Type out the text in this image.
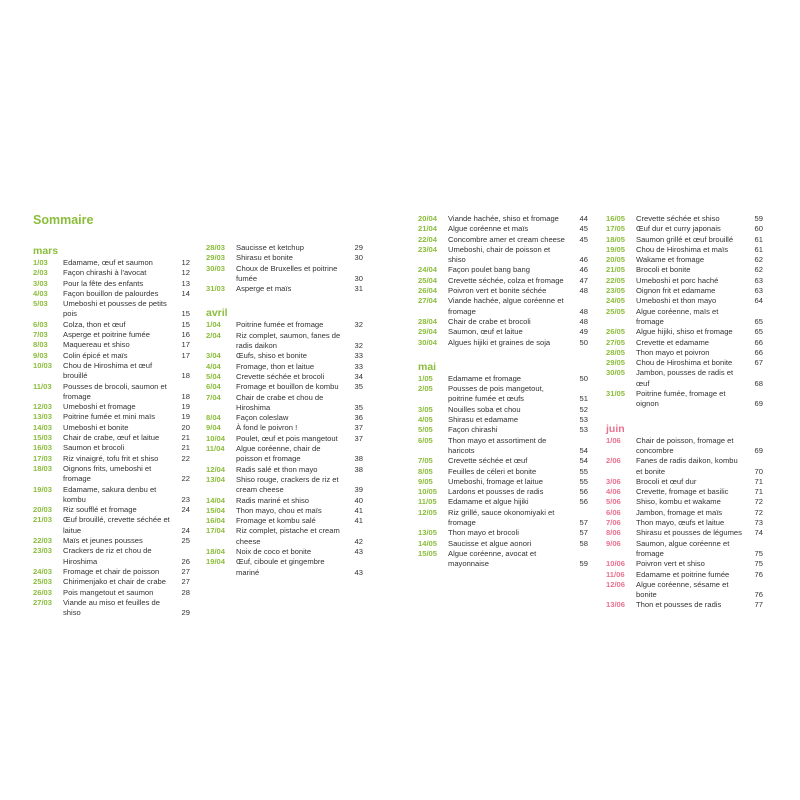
Sommaire
mars
1/03	Edamame, œuf et saumon	12
2/03	Façon chirashi à l'avocat	12
3/03	Pour la fête des enfants	13
4/03	Façon bouillon de palourdes	14
5/03	Umeboshi et pousses de petits pois	15
6/03	Colza, thon et œuf	15
7/03	Asperge et poitrine fumée	16
8/03	Maquereau et shiso	17
9/03	Colin épicé et maïs	17
10/03	Chou de Hiroshima et œuf brouillé	18
11/03	Pousses de brocoli, saumon et fromage	18
12/03	Umeboshi et fromage	19
13/03	Poitrine fumée et mini maïs	19
14/03	Umeboshi et bonite	20
15/03	Chair de crabe, œuf et laitue	21
16/03	Saumon et brocoli	21
17/03	Riz vinaigré, tofu frit et shiso	22
18/03	Oignons frits, umeboshi et fromage	22
19/03	Edamame, sakura denbu et kombu	23
20/03	Riz soufflé et fromage	24
21/03	Œuf brouillé, crevette séchée et laitue	24
22/03	Maïs et jeunes pousses	25
23/03	Crackers de riz et chou de Hiroshima	26
24/03	Fromage et chair de poisson	27
25/03	Chirimenjako et chair de crabe	27
26/03	Pois mangetout et saumon	28
27/03	Viande au miso et feuilles de shiso	29
28/03	Saucisse et ketchup	29
29/03	Shirasu et bonite	30
30/03	Choux de Bruxelles et poitrine fumée	30
31/03	Asperge et maïs	31
avril
1/04	Poitrine fumée et fromage	32
2/04	Riz complet, saumon, fanes de radis daikon	32
3/04	Œufs, shiso et bonite	33
4/04	Fromage, thon et laitue	33
5/04	Crevette séchée et brocoli	34
6/04	Fromage et bouillon de kombu	35
7/04	Chair de crabe et chou de Hiroshima	35
8/04	Façon coleslaw	36
9/04	À fond le poivron !	37
10/04	Poulet, œuf et pois mangetout	37
11/04	Algue coréenne, chair de poisson et fromage	38
12/04	Radis salé et thon mayo	38
13/04	Shiso rouge, crackers de riz et cream cheese	39
14/04	Radis mariné et shiso	40
15/04	Thon mayo, chou et maïs	41
16/04	Fromage et kombu salé	41
17/04	Riz complet, pistache et cream cheese	42
18/04	Noix de coco et bonite	43
19/04	Œuf, ciboule et gingembre mariné	43
20/04	Viande hachée, shiso et fromage	44
21/04	Algue coréenne et maïs	45
22/04	Concombre amer et cream cheese	45
23/04	Umeboshi, chair de poisson et shiso	46
24/04	Façon poulet bang bang	46
25/04	Crevette séchée, colza et fromage	47
26/04	Poivron vert et bonite séchée	48
27/04	Viande hachée, algue coréenne et fromage	48
28/04	Chair de crabe et brocoli	48
29/04	Saumon, œuf et laitue	49
30/04	Algues hijiki et graines de soja	50
mai
1/05	Edamame et fromage	50
2/05	Pousses de pois mangetout, poitrine fumée et œufs	51
3/05	Nouilles soba et chou	52
4/05	Shirasu et edamame	53
5/05	Façon chirashi	53
6/05	Thon mayo et assortiment de haricots	54
7/05	Crevette séchée et œuf	54
8/05	Feuilles de céleri et bonite	55
9/05	Umeboshi, fromage et laitue	55
10/05	Lardons et pousses de radis	56
11/05	Edamame et algue hijiki	56
12/05	Riz grillé, sauce okonomiyaki et fromage	57
13/05	Thon mayo et brocoli	57
14/05	Saucisse et algue aonori	58
15/05	Algue coréenne, avocat et mayonnaise	59
16/05	Crevette séchée et shiso	59
17/05	Œuf dur et curry japonais	60
18/05	Saumon grillé et œuf brouillé	61
19/05	Chou de Hiroshima et maïs	61
20/05	Wakame et fromage	62
21/05	Brocoli et bonite	62
22/05	Umeboshi et porc haché	63
23/05	Oignon frit et edamame	63
24/05	Umeboshi et thon mayo	64
25/05	Algue coréenne, maïs et fromage	65
26/05	Algue hijiki, shiso et fromage	65
27/05	Crevette et edamame	66
28/05	Thon mayo et poivron	66
29/05	Chou de Hiroshima et bonite	67
30/05	Jambon, pousses de radis et œuf	68
31/05	Poitrine fumée, fromage et oignon	69
juin
1/06	Chair de poisson, fromage et concombre	69
2/06	Fanes de radis daikon, kombu et bonite	70
3/06	Brocoli et œuf dur	71
4/06	Crevette, fromage et basilic	71
5/06	Shiso, kombu et wakame	72
6/06	Jambon, fromage et maïs	72
7/06	Thon mayo, œufs et laitue	73
8/06	Shirasu et pousses de légumes	74
9/06	Saumon, algue coréenne et fromage	75
10/06	Poivron vert et shiso	75
11/06	Edamame et poitrine fumée	76
12/06	Algue coréenne, sésame et bonite	76
13/06	Thon et pousses de radis	77
